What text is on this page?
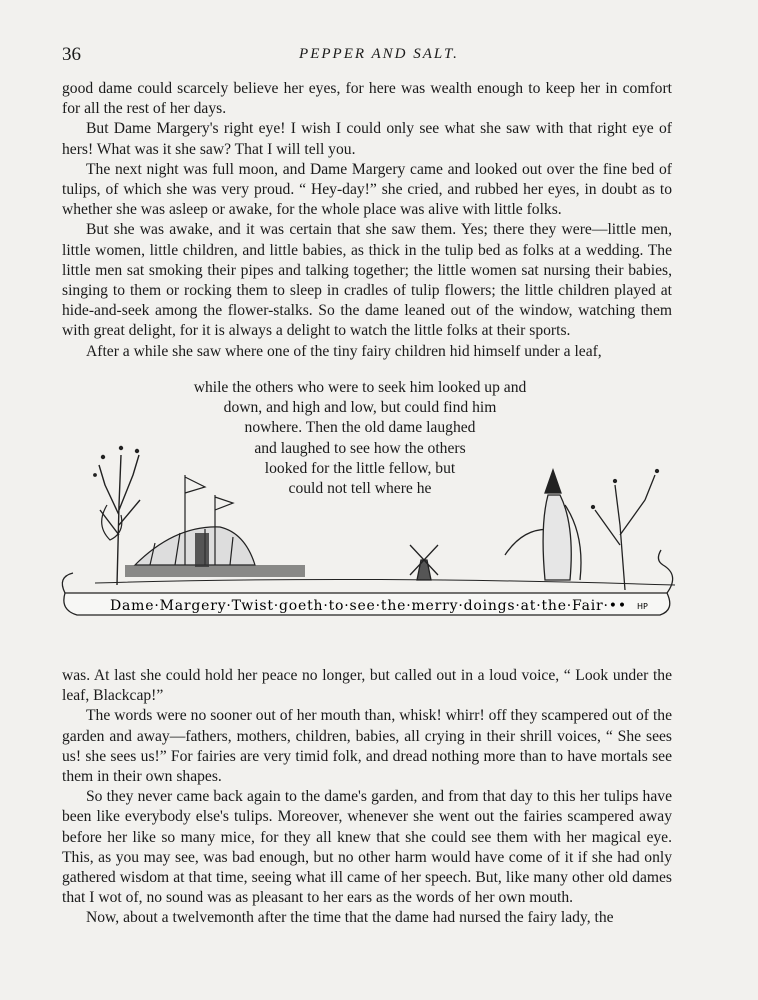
36	PEPPER AND SALT.

good dame could scarcely believe her eyes, for here was wealth enough to keep her in comfort for all the rest of her days.

But Dame Margery's right eye! I wish I could only see what she saw with that right eye of hers! What was it she saw? That I will tell you.

The next night was full moon, and Dame Margery came and looked out over the fine bed of tulips, of which she was very proud. “ Hey-day!” she cried, and rubbed her eyes, in doubt as to whether she was asleep or awake, for the whole place was alive with little folks.

But she was awake, and it was certain that she saw them. Yes; there they were—little men, little women, little children, and little babies, as thick in the tulip bed as folks at a wedding. The little men sat smoking their pipes and talking together; the little women sat nursing their babies, singing to them or rocking them to sleep in cradles of tulip flowers; the little children played at hide-and-seek among the flower-stalks. So the dame leaned out of the window, watching them with great delight, for it is always a delight to watch the little folks at their sports.

After a while she saw where one of the tiny fairy children hid himself under a leaf,

while the others who were to seek him looked up and
down, and high and low, but could find him
nowhere. Then the old dame laughed
and laughed to see how the others
looked for the little fellow, but
could not tell where he
Dame·Margery·Twist·goeth·to·see·the·merry·doings·at·the·Fair·•• HP

was. At last she could hold her peace no longer, but called out in a loud voice, “ Look under the leaf, Blackcap!”

The words were no sooner out of her mouth than, whisk! whirr! off they scampered out of the garden and away—fathers, mothers, children, babies, all crying in their shrill voices, “ She sees us! she sees us!” For fairies are very timid folk, and dread nothing more than to have mortals see them in their own shapes.

So they never came back again to the dame's garden, and from that day to this her tulips have been like everybody else's tulips. Moreover, whenever she went out the fairies scampered away before her like so many mice, for they all knew that she could see them with her magical eye. This, as you may see, was bad enough, but no other harm would have come of it if she had only gathered wisdom at that time, seeing what ill came of her speech. But, like many other old dames that I wot of, no sound was as pleasant to her ears as the words of her own mouth.

Now, about a twelvemonth after the time that the dame had nursed the fairy lady, the
